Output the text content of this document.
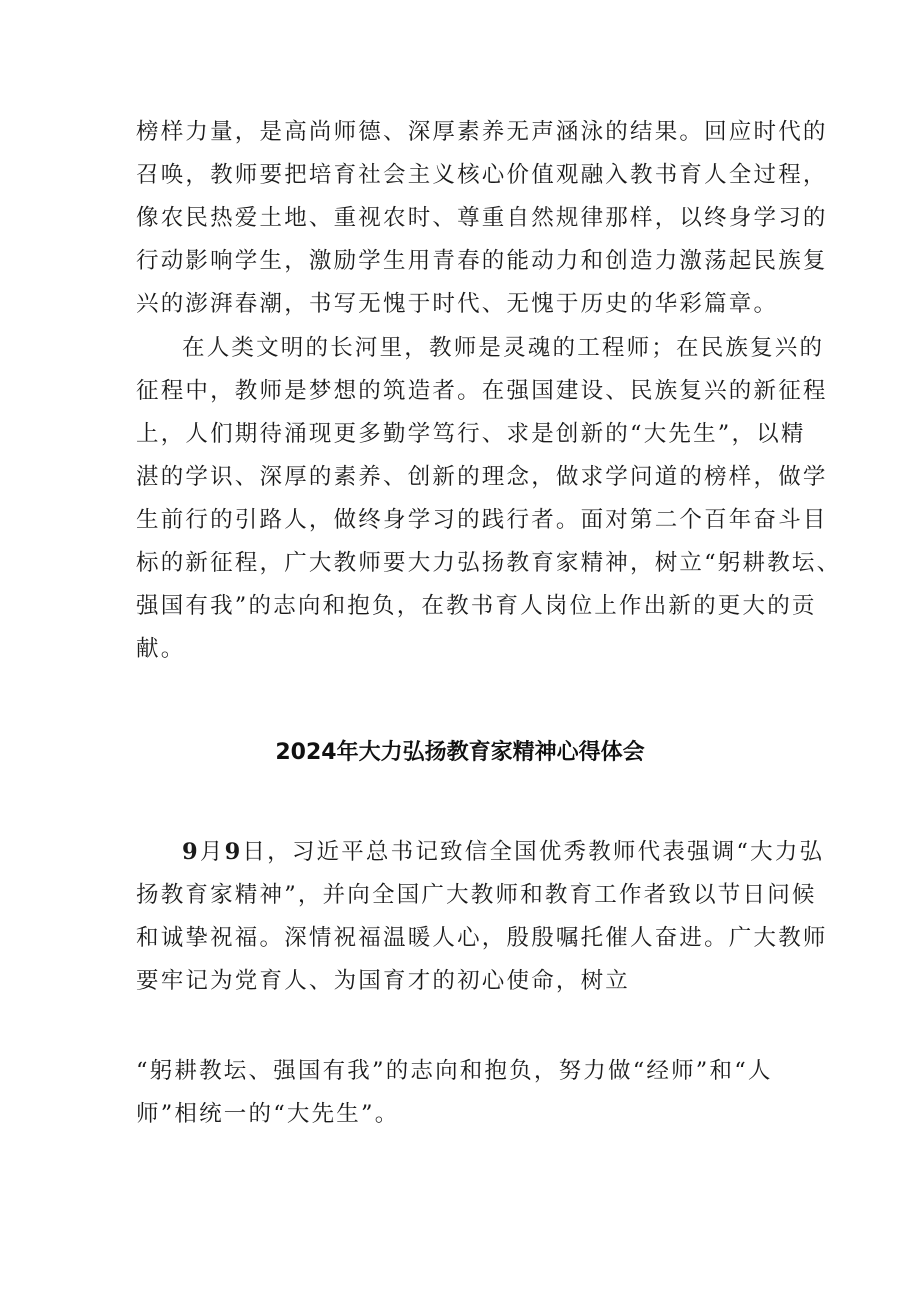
榜样力量，是高尚师德、深厚素养无声涵泳的结果。回应时代的

召唤，教师要把培育社会主义核心价值观融入教书育人全过程，

像农民热爱土地、重视农时、尊重自然规律那样，以终身学习的

行动影响学生，激励学生用青春的能动力和创造力激荡起民族复

兴的澎湃春潮，书写无愧于时代、无愧于历史的华彩篇章。

在人类文明的长河里，教师是灵魂的工程师；在民族复兴的

征程中，教师是梦想的筑造者。在强国建设、民族复兴的新征程

上，人们期待涌现更多勤学笃行、求是创新的“大先生”，以精

湛的学识、深厚的素养、创新的理念，做求学问道的榜样，做学

生前行的引路人，做终身学习的践行者。面对第二个百年奋斗目

标的新征程，广大教师要大力弘扬教育家精神，树立“躬耕教坛、

强国有我”的志向和抱负，在教书育人岗位上作出新的更大的贡

献。

2024年大力弘扬教育家精神心得体会

9月9日，习近平总书记致信全国优秀教师代表强调“大力弘

扬教育家精神”，并向全国广大教师和教育工作者致以节日问候

和诚挚祝福。深情祝福温暖人心，殷殷嘱托催人奋进。广大教师

要牢记为党育人、为国育才的初心使命，树立

“躬耕教坛、强国有我”的志向和抱负，努力做“经师”和“人

师”相统一的“大先生”。
